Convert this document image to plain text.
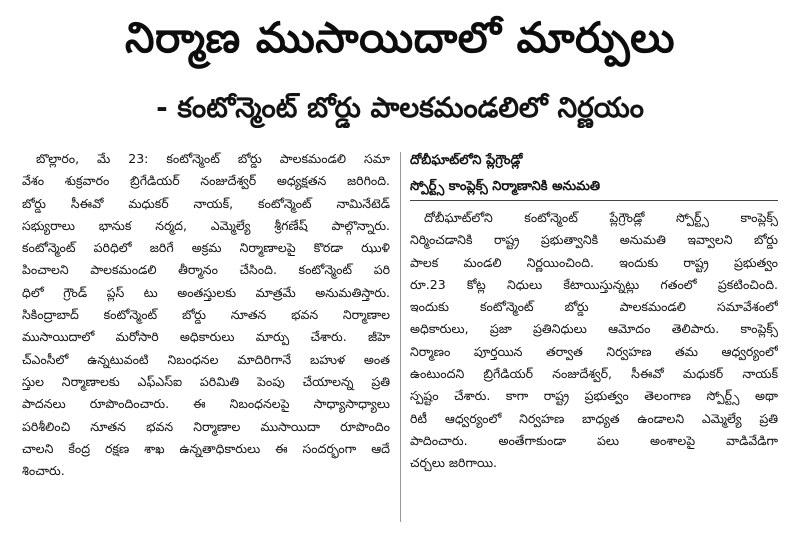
నిర్మాణ ముసాయిదాలో మార్పులు
- కంటోన్మెంట్ బోర్డు పాలకమండలిలో నిర్ణయం
బొల్లారం, మే 23: కంటోన్మెంట్ బోర్డు పాలకమండలి సమా
వేశం శుక్రవారం బ్రిగేడియర్ నంజుదేశ్వర్ అధ్యక్షతన జరిగింది.
బోర్డు సీఈవో మధుకర్ నాయక్, కంటోన్మెంట్ నామినేటెడ్
సభ్యురాలు భానుక నర్మద, ఎమ్మెల్యే శ్రీగణేష్ పాల్గొన్నారు.
కంటోన్మెంట్ పరిధిలో జరిగే అక్రమ నిర్మాణాలపై కొరడా ఝుళి
పించాలని పాలకమండలి తీర్మానం చేసింది. కంటోన్మెంట్ పరి
ధిలో గ్రౌండ్ ప్లస్ టు అంతస్తులకు మాత్రమే అనుమతిస్తారు.
సికింద్రాబాద్ కంటోన్మెంట్ బోర్డు నూతన భవన నిర్మాణాల
ముసాయిదాలో మరోసారి అధికారులు మార్పు చేశారు. జీహె
చ్ఎంసీలో ఉన్నటువంటి నిబంధనల మాదిరిగానే బహుళ అంత
స్తుల నిర్మాణాలకు ఎఫ్ఎస్ఐ పరిమితి పెంపు చేయాలన్న ప్రతి
పాదనలు రూపొందించారు. ఈ నిబంధనలపై సాధ్యాసాధ్యాలు
పరిశీలించి నూతన భవన నిర్మాణాల ముసాయిదా రూపొందిం
చాలని కేంద్ర రక్షణ శాఖ ఉన్నతాధికారులు ఈ సందర్భంగా ఆదే
శించారు.
దోబీఘాట్‌లోని ప్లేగ్రౌండ్లో
స్పోర్ట్స్ కాంప్లెక్స్ నిర్మాణానికి అనుమతి
దోబీఘాట్‌లోని కంటోన్మెంట్ ప్లేగ్రౌండ్లో స్పోర్ట్స్ కాంప్లెక్స్
నిర్మించడానికి రాష్ట్ర ప్రభుత్వానికి అనుమతి ఇవ్వాలని బోర్డు
పాలక మండలి నిర్ణయించింది. ఇందుకు రాష్ట్ర ప్రభుత్వం
రూ.23 కోట్ల నిధులు కేటాయిస్తున్నట్లు గతంలో ప్రకటించింది.
ఇందుకు కంటోన్మెంట్ బోర్డు పాలకమండలి సమావేశంలో
అధికారులు, ప్రజా ప్రతినిధులు ఆమోదం తెలిపారు. కాంప్లెక్స్
నిర్మాణం పూర్తయిన తర్వాత నిర్వహణ తమ ఆధ్వర్యంలో
ఉంటుందని బ్రిగేడియర్ నంజుదేశ్వర్, సీఈవో మధుకర్ నాయక్
స్పష్టం చేశారు. కాగా రాష్ట్ర ప్రభుత్వం తెలంగాణ స్పోర్ట్స్ అథా
రిటీ ఆధ్వర్యంలో నిర్వహణ బాధ్యత ఉండాలని ఎమ్మెల్యే ప్రతి
పాదించారు. అంతేగాకుండా పలు అంశాలపై వాడివేడిగా
చర్చలు జరిగాయి.
